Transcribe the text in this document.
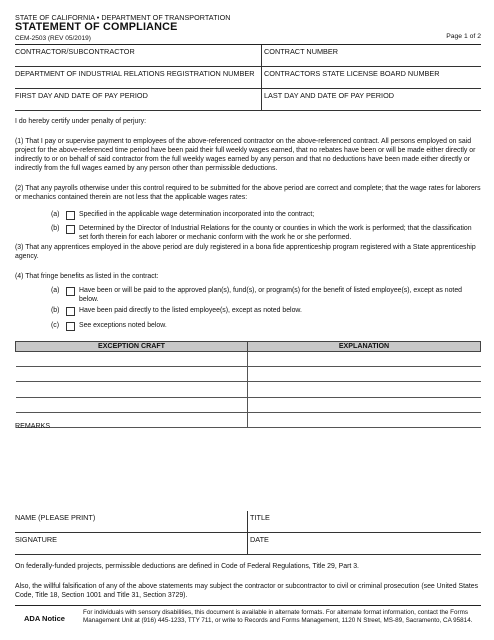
STATE OF CALIFORNIA • DEPARTMENT OF TRANSPORTATION
STATEMENT OF COMPLIANCE
CEM-2503 (REV 05/2019)	Page 1 of 2
CONTRACTOR/SUBCONTRACTOR	CONTRACT NUMBER
DEPARTMENT OF INDUSTRIAL RELATIONS REGISTRATION NUMBER	CONTRACTORS STATE LICENSE BOARD NUMBER
FIRST DAY AND DATE OF PAY PERIOD	LAST DAY AND DATE OF PAY PERIOD
I do hereby certify under penalty of perjury:
(1) That I pay or supervise payment to employees of the above-referenced contractor on the above-referenced contract. All persons employed on said project for the above-referenced time period have been paid their full weekly wages earned, that no rebates have been or will be made either directly or indirectly to or on behalf of said contractor from the full weekly wages earned by any person and that no deductions have been made either directly or indirectly from the full wages earned by any person other than permissible deductions.
(2) That any payrolls otherwise under this control required to be submitted for the above period are correct and complete; that the wage rates for laborers or mechanics contained therein are not less that the applicable wages rates:
(a)	Specified in the applicable wage determination incorporated into the contract;
(b)	Determined by the Director of Industrial Relations for the county or counties in which the work is performed; that the classification set forth therein for each laborer or mechanic conform with the work he or she performed.
(3) That any apprentices employed in the above period are duly registered in a bona fide apprenticeship program registered with a State apprenticeship agency.
(4) That fringe benefits as listed in the contract:
(a)	Have been or will be paid to the approved plan(s), fund(s), or program(s) for the benefit of listed employee(s), except as noted below.
(b)	Have been paid directly to the listed employee(s), except as noted below.
(c)	See exceptions noted below.
EXCEPTION CRAFT	EXPLANATION

REMARKS
NAME (PLEASE PRINT)	TITLE
SIGNATURE	DATE
On federally-funded projects, permissible deductions are defined in Code of Federal Regulations, Title 29, Part 3.
Also, the willful falsification of any of the above statements may subject the contractor or subcontractor to civil or criminal prosecution (see United States Code, Title 18, Section 1001 and Title 31, Section 3729).
ADA Notice
For individuals with sensory disabilities, this document is available in alternate formats. For alternate format information, contact the Forms Management Unit at (916) 445-1233, TTY 711, or write to Records and Forms Management, 1120 N Street, MS-89, Sacramento, CA 95814.
